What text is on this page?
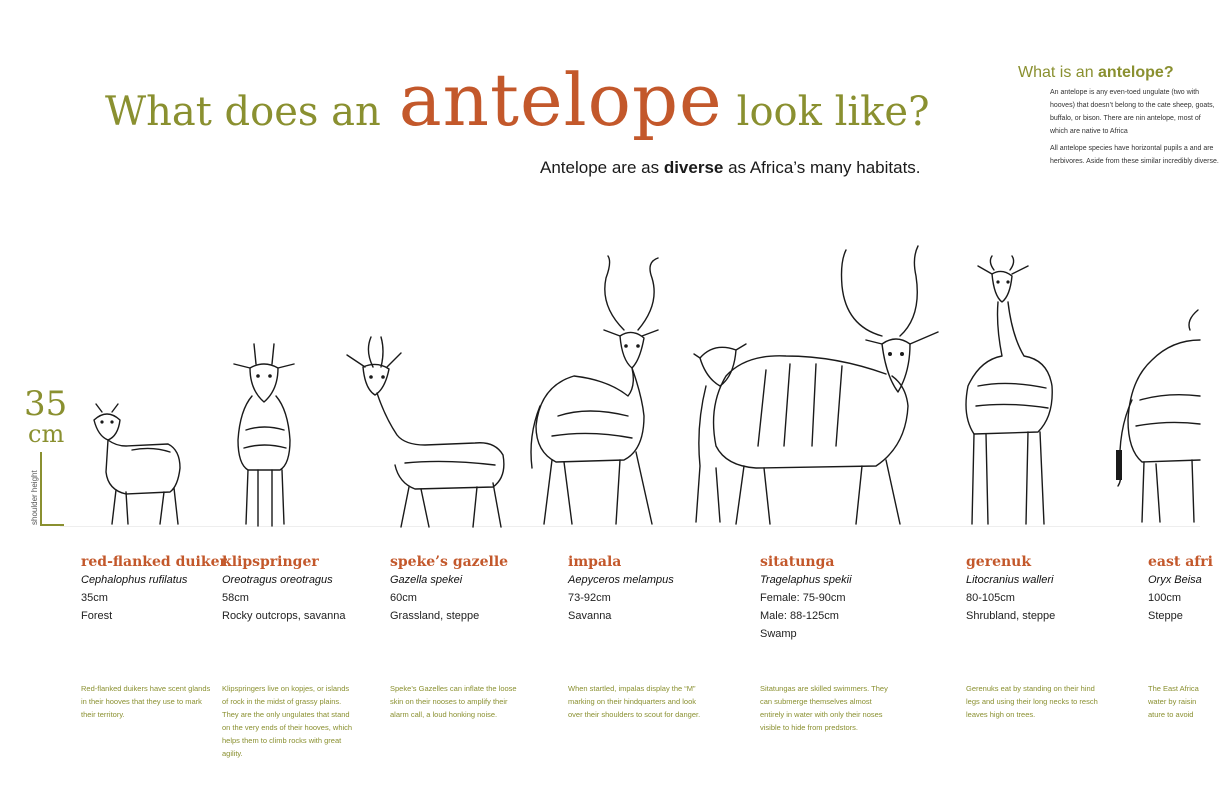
What does an antelope look like?
Antelope are as diverse as Africa’s many habitats.
What is an antelope?

An antelope is any even-toed ungulate (two with hooves) that doesn’t belong to the cate sheep, goats, buffalo, or bison. There are nin antelope, most of which are native to Africa

All antelope species have horizontal pupils a and are herbivores. Aside from these similar incredibly diverse.

35
cm
shoulder height
red-flanked duiker
Cephalophus rufilatus
35cm
Forest
Red-flanked duikers have scent glands in their hooves that they use to mark their territory.
klipspringer
Oreotragus oreotragus
58cm
Rocky outcrops, savanna
Klipspringers live on kopjes, or islands of rock in the midst of grassy plains. They are the only ungulates that stand on the very ends of their hooves, which helps them to climb rocks with great agility.
speke’s gazelle
Gazella spekei
60cm
Grassland, steppe
Speke’s Gazelles can inflate the loose skin on their nooses to amplify their alarm call, a loud honking noise.
impala
Aepyceros melampus
73-92cm
Savanna
When startled, impalas display the “M” marking on their hindquarters and look over their shoulders to scout for danger.
sitatunga
Tragelaphus spekii
Female: 75-90cm
Male: 88-125cm
Swamp
Sitatungas are skilled swimmers. They can submerge themselves almost entirely in water with only their noses visible to hide from predstors.
gerenuk
Litocranius walleri
80-105cm
Shrubland, steppe
Gerenuks eat by standing on their hind legs and using their long necks to resch leaves high on trees.
east afri
Oryx Beisa
100cm
Steppe
The East Africa water by raisin ature to avoid
